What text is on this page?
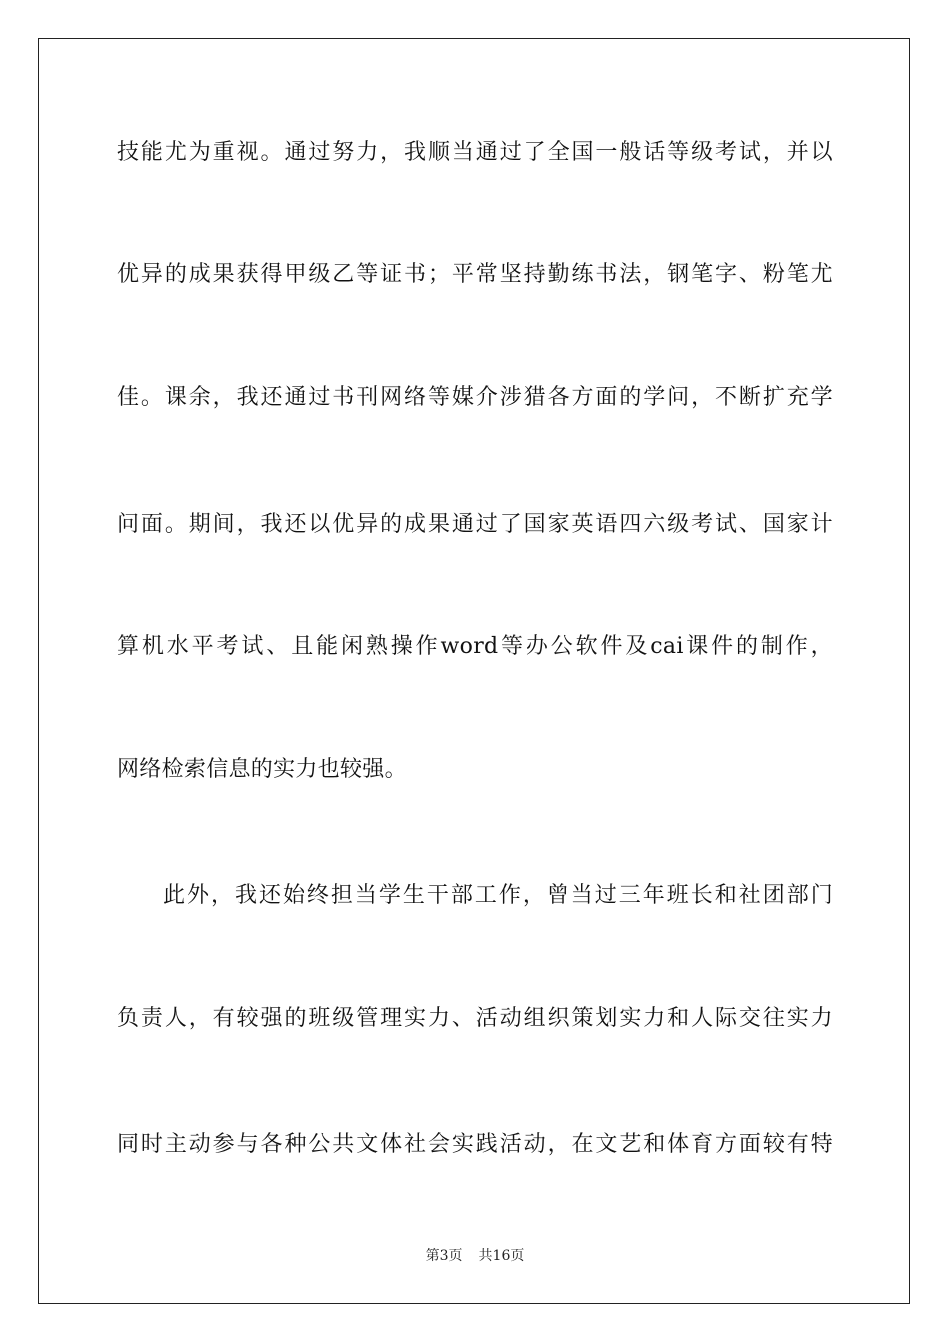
技能尤为重视。通过努力，我顺当通过了全国一般话等级考试，并以
优异的成果获得甲级乙等证书；平常坚持勤练书法，钢笔字、粉笔尤
佳。课余，我还通过书刊网络等媒介涉猎各方面的学问，不断扩充学
问面。期间，我还以优异的成果通过了国家英语四六级考试、国家计
算机水平考试、且能闲熟操作word等办公软件及cai课件的制作，
网络检索信息的实力也较强。
此外，我还始终担当学生干部工作，曾当过三年班长和社团部门
负责人，有较强的班级管理实力、活动组织策划实力和人际交往实力
同时主动参与各种公共文体社会实践活动，在文艺和体育方面较有特
第3页 共16页
